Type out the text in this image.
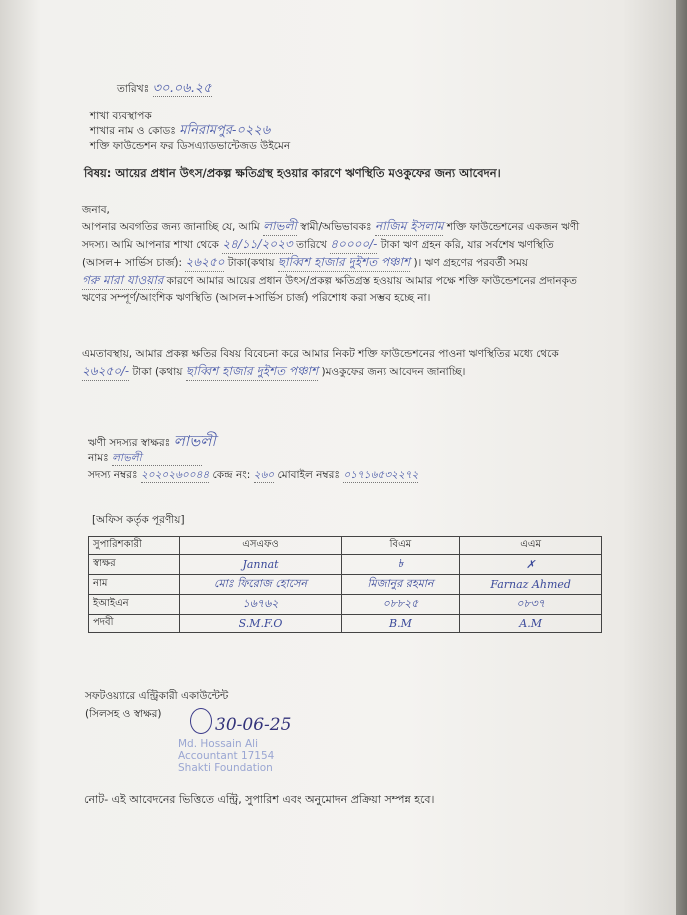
তারিখঃ ৩০.০৬.২৫
শাখা ব্যবস্থাপক
শাখার নাম ও কোডঃ মনিরামপুর-০২২৬
শক্তি ফাউন্ডেশন ফর ডিসএ্যাডভান্টেজড উইমেন
বিষয়: আয়ের প্রধান উৎস/প্রকল্প ক্ষতিগ্রস্থ হওয়ার কারণে ঋণস্থিতি মওকুফের জন্য আবেদন।
জনাব,
আপনার অবগতির জন্য জানাচ্ছি যে, আমি লাভলী স্বামী/অভিভাবকঃ নাজিম ইসলাম শক্তি ফাউন্ডেশনের একজন ঋণী সদস্য। আমি আপনার শাখা থেকে ২৪/১১/২০২৩ তারিখে ৪০০০০/- টাকা ঋণ গ্রহন করি, যার সর্বশেষ ঋণস্থিতি (আসল+ সার্ভিস চার্জ): ২৬২৫০ টাকা(কথায় ছাব্বিশ হাজার দুইশত পঞ্চাশ )। ঋণ গ্রহণের পরবর্তী সময় গরু মারা যাওয়ার কারণে আমার আয়ের প্রধান উৎস/প্রকল্প ক্ষতিগ্রস্ত হওয়ায় আমার পক্ষে শক্তি ফাউন্ডেশনের প্রদানকৃত ঋণের সম্পূর্ণ/আংশিক ঋণস্থিতি (আসল+সার্ভিস চার্জ) পরিশোধ করা সম্ভব হচ্ছে না।
এমতাবস্থায়, আমার প্রকল্প ক্ষতির বিষয় বিবেচনা করে আমার নিকট শক্তি ফাউন্ডেশনের পাওনা ঋণস্থিতির মধ্যে থেকে ২৬২৫০/- টাকা (কথায় ছাব্বিশ হাজার দুইশত পঞ্চাশ )মওকুফের জন্য আবেদন জানাচ্ছি।
ঋণী সদস্যর স্বাক্ষরঃ লাভলী
নামঃ লাভলী
সদস্য নম্বরঃ ২০২০২৬০০৪৪ কেন্দ্র নং: ২৬০ মোবাইল নম্বরঃ ০১৭১৬৫৩২২৭২
[অফিস কর্তৃক পূরণীয়]
সুপারিশকারী	এসএফও	বিএম	এএম
স্বাক্ষর	Jannat	৳	✗
নাম	মোঃ ফিরোজ হোসেন	মিজানুর রহমান	Farnaz Ahmed
ইআইএন	১৬৭৬২	০৮৮২৫	০৮৩৭
পদবী	S.M.F.O	B.M	A.M
সফটওয়্যারে এন্ট্রিকারী একাউন্টেন্ট
(সিলসহ ও স্বাক্ষর)
30-06-25
Md. Hossain Ali
Accountant 17154
Shakti Foundation
নোট- এই আবেদনের ভিত্তিতে এন্ট্রি, সুপারিশ এবং অনুমোদন প্রক্রিয়া সম্পন্ন হবে।
